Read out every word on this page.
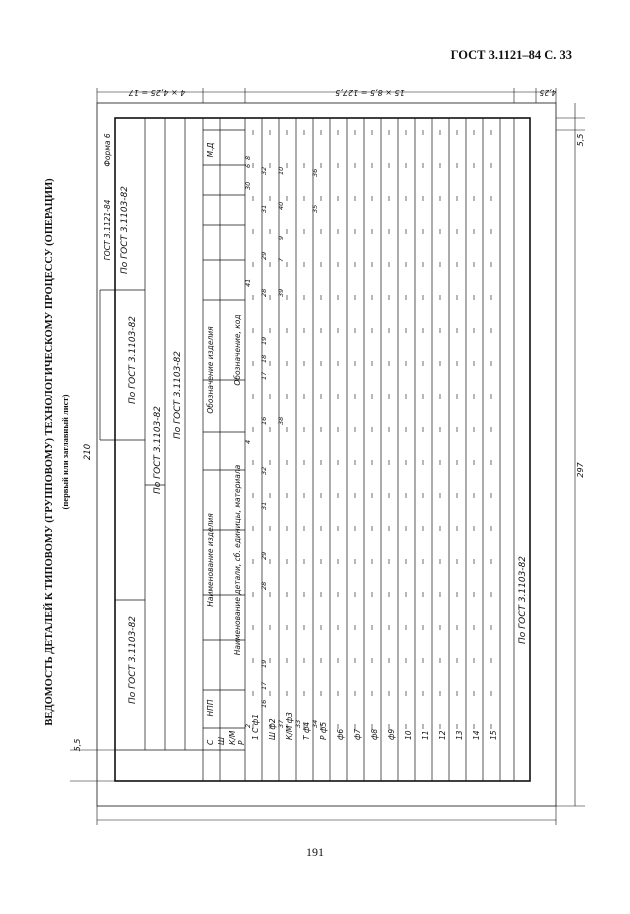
ГОСТ 3.1121–84 С. 33
ВЕДОМОСТЬ ДЕТАЛЕЙ К ТИПОВОМУ (ГРУППОВОМУ) ТЕХНОЛОГИЧЕСКОМУ ПРОЦЕССУ (ОПЕРАЦИИ) (первый или заглавный лист) 210
4 × 4,25 = 17	15 × 8,5 = 127,5	4,25
5,5
297
5,5
По ГОСТ 3.1103-82
По ГОСТ 3.1103-82
По ГОСТ 3.1103-82
По ГОСТ 3.1103-82
По ГОСТ 3.1103-82
По ГОСТ 3.1103-82
ГОСТ 3.1121-84
Форма 6
С Ш К/М Р
Наименование изделия
Обозначение изделия
НПП
М.Д
Наименование детали, сб. единицы, материала
Обозначение, код
1 С ф1 Ш ф2 К/М ф3 Т ф4 Р ф5 ф6 ф7 ф8 ф9 10 11 12 13 14 15
2
4
6
16
17
19
28
29
31
32
16
17
18
19
28
29
31
32
41
37
38
39
7
9
40
10
33 34
35
36
30
8
191
